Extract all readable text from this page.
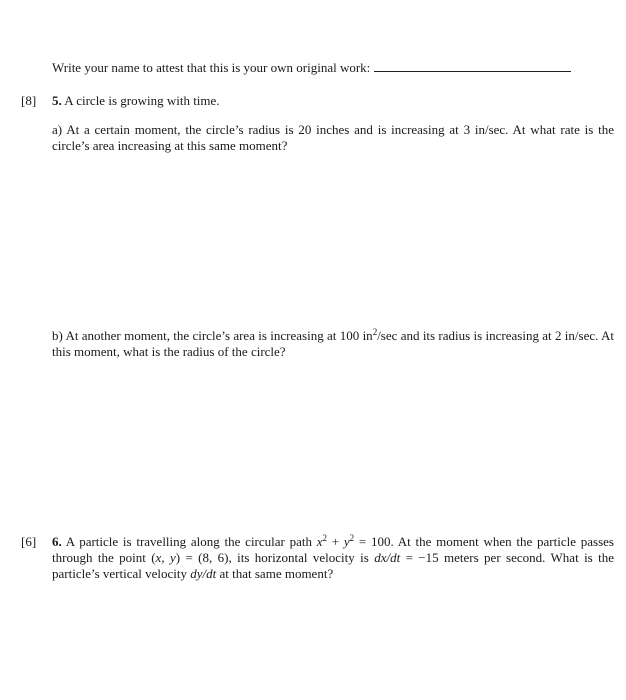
Write your name to attest that this is your own original work:
[8] 5. A circle is growing with time.
a) At a certain moment, the circle’s radius is 20 inches and is increasing at 3 in/sec. At what rate is the circle’s area increasing at this same moment?
b) At another moment, the circle’s area is increasing at 100 $in^2/\sec$ and its radius is increasing at 2 in/sec. At this moment, what is the radius of the circle?
[6] 6. A particle is travelling along the circular path $x^2 + y^2 = 100$. At the moment when the particle passes through the point (x, y) = (8, 6), its horizontal velocity is dx/dt = −15 meters per second. What is the particle’s vertical velocity dy/dt at that same moment?
